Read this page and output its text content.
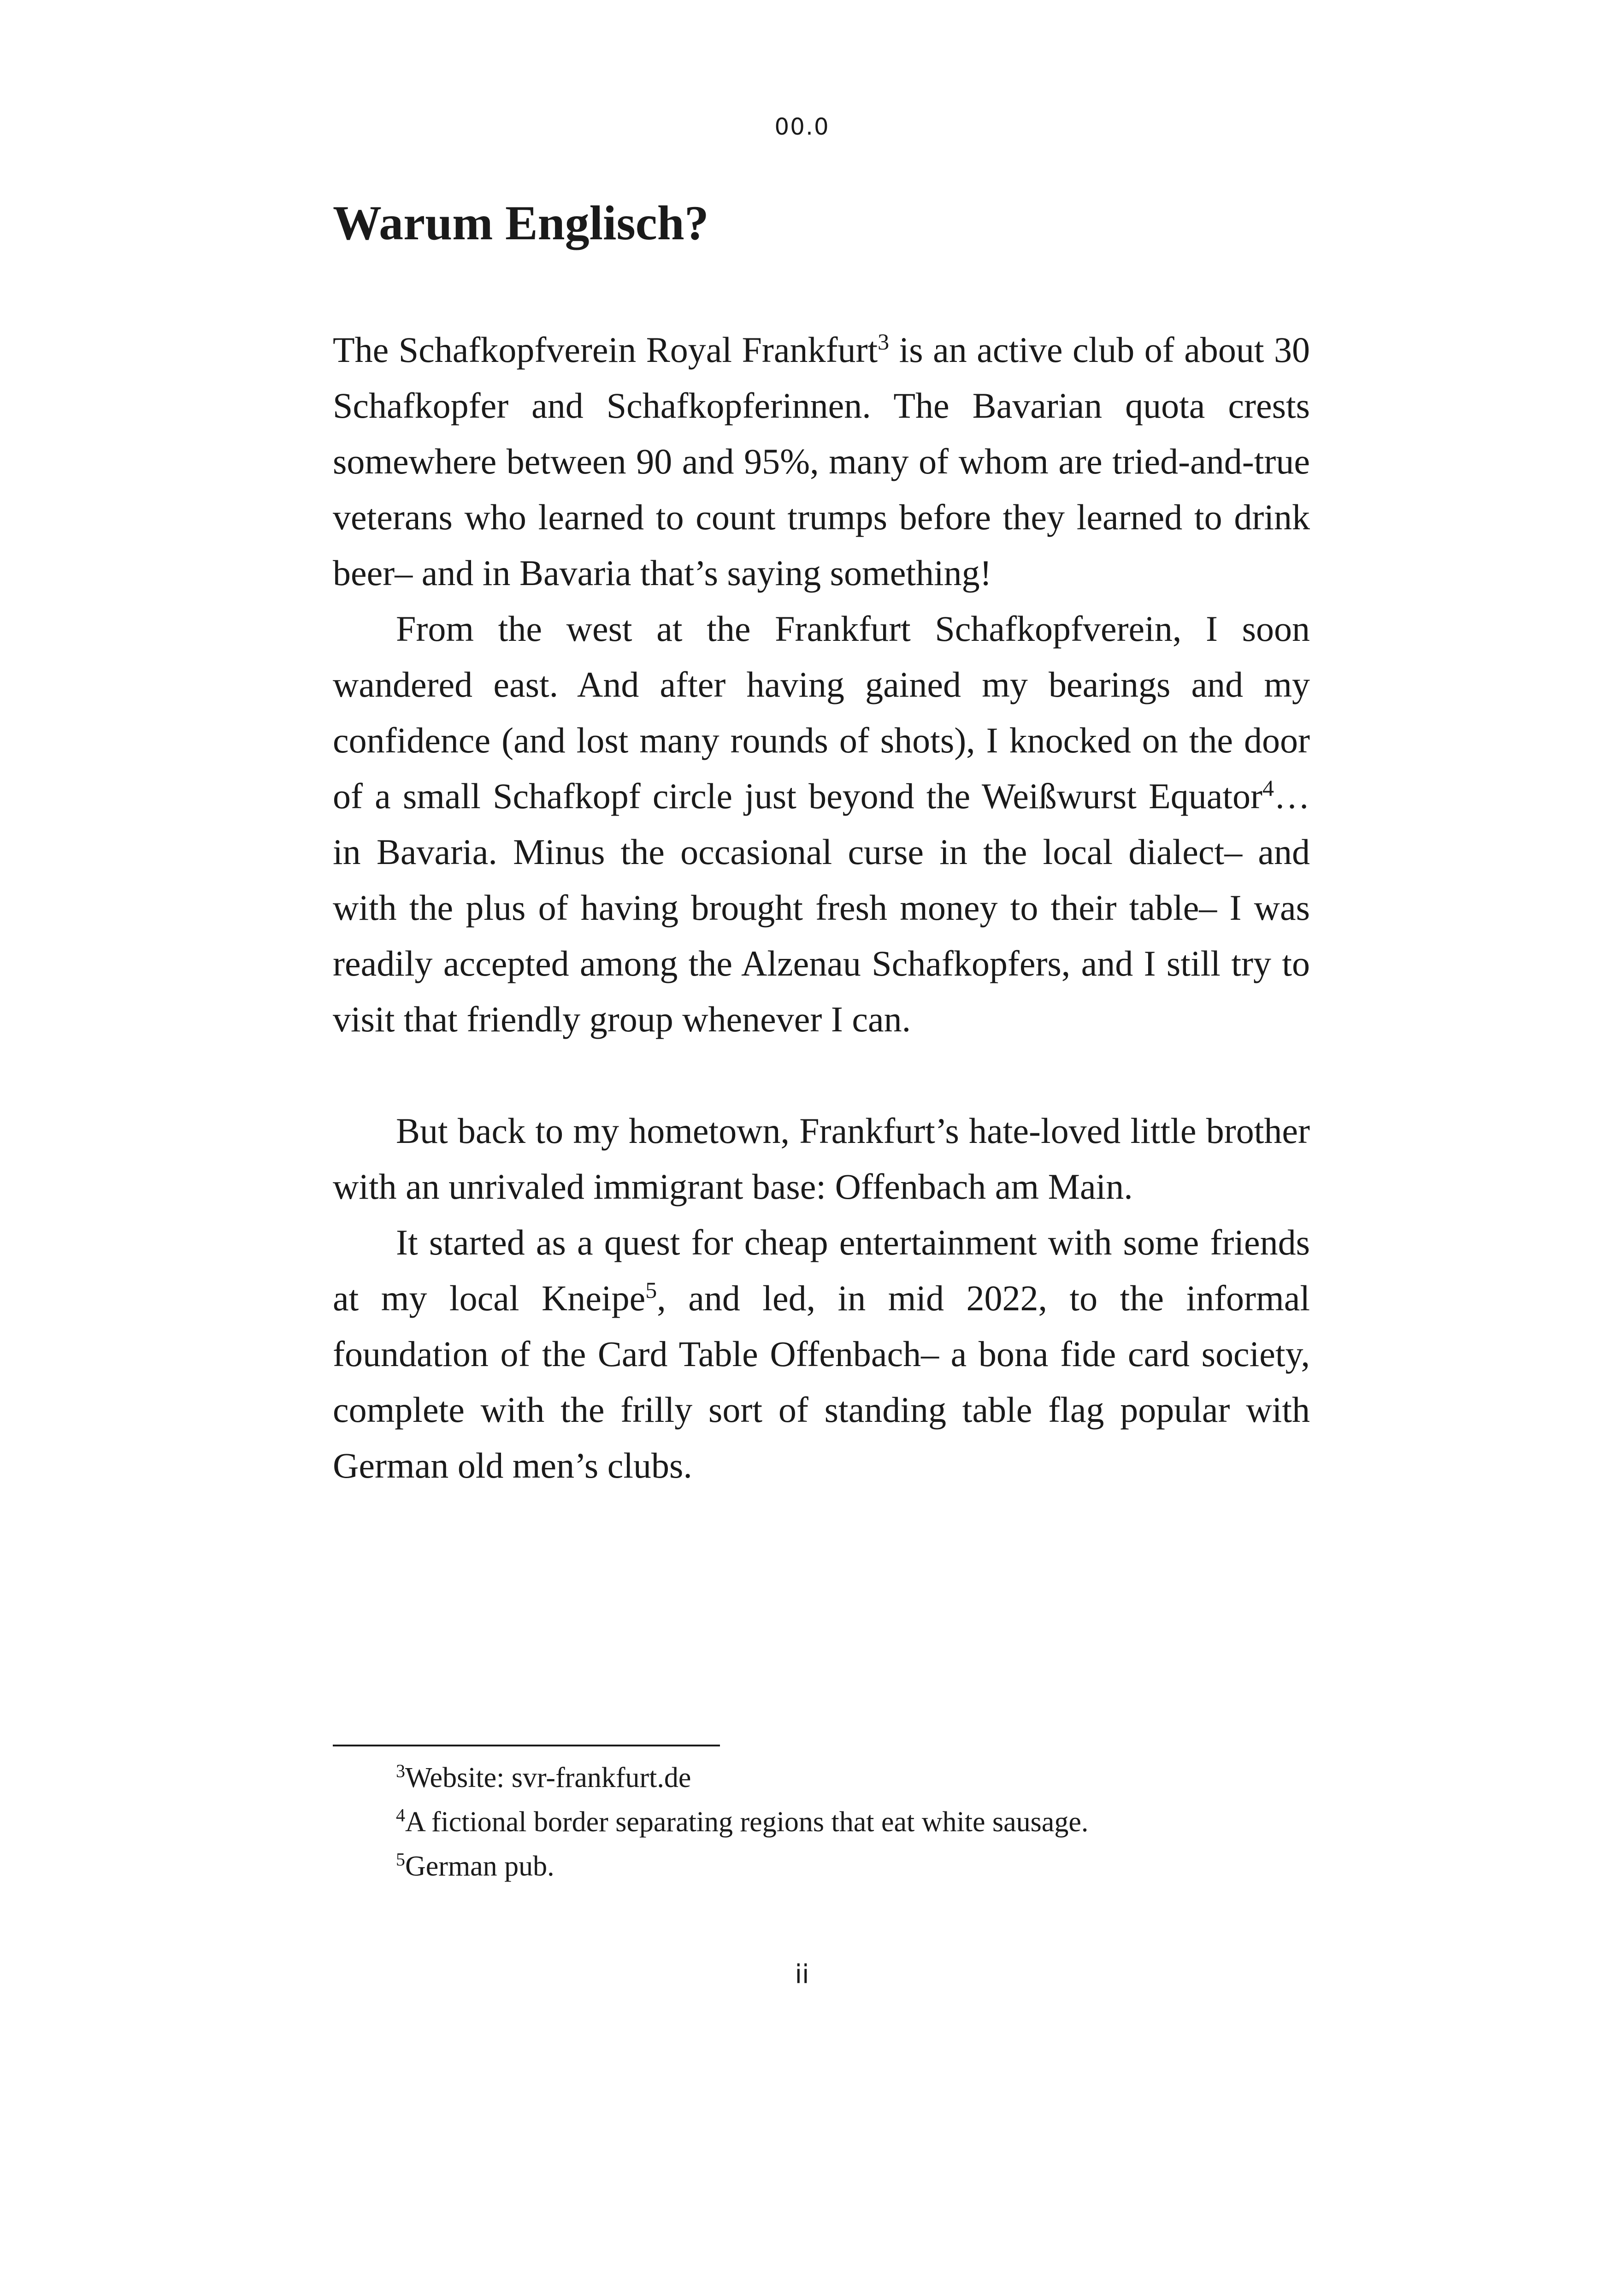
00.0
Warum Englisch?

The Schafkopfverein Royal Frankfurt$^3$ is an active club of about 30 Schafkopfer and Schafkopferinnen. The Bavarian quota crests somewhere between 90 and 95%, many of whom are tried-and-true veterans who learned to count trumps before they learned to drink beer– and in Bavaria that’s saying something!

From the west at the Frankfurt Schafkopfverein, I soon wandered east. And after having gained my bearings and my confidence (and lost many rounds of shots), I knocked on the door of a small Schafkopf circle just beyond the Weißwurst Equator$^4$… in Bavaria. Minus the occasional curse in the local dialect– and with the plus of having brought fresh money to their table– I was readily accepted among the Alzenau Schafkopfers, and I still try to visit that friendly group whenever I can.

But back to my hometown, Frankfurt’s hate-loved little brother with an unrivaled immigrant base: Offenbach am Main.

It started as a quest for cheap entertainment with some friends at my local Kneipe$^5$, and led, in mid 2022, to the informal foundation of the Card Table Offenbach– a bona fide card society, complete with the frilly sort of standing table flag popular with German old men’s clubs.

$^3$Website: svr-frankfurt.de
$^4$A fictional border separating regions that eat white sausage.
$^5$German pub.
ii
